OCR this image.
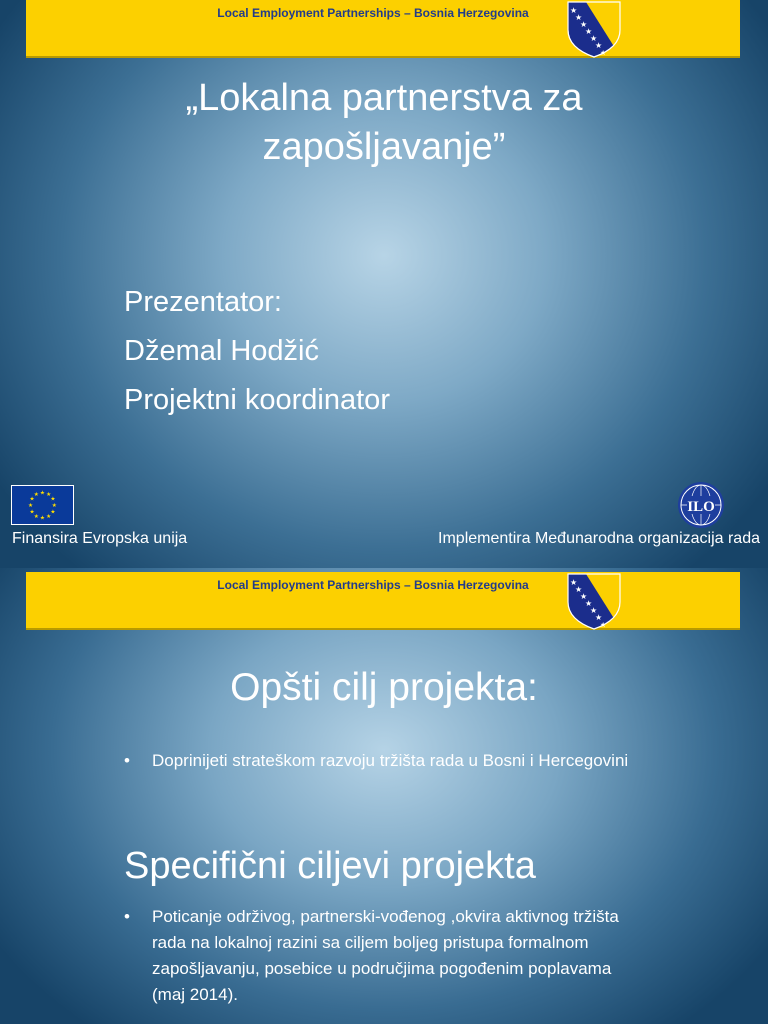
Local Employment Partnerships – Bosnia Herzegovina	★
★
★
★
★
★
★
„Lokalna partnerstva za
zapošljavanje”
Prezentator:
Džemal Hodžić
Projektni koordinator
★ ★
★
★
★
★
★
★
★
★
★
★
ILO
Finansira Evropska unija	Implementira Međunarodna organizacija rada
Local Employment Partnerships – Bosnia Herzegovina	★
★
★
★
★
★
★
Opšti cilj projekta:
• Doprinijeti strateškom razvoju tržišta rada u Bosni i Hercegovini
Specifični ciljevi projekta
• Poticanje održivog, partnerski-vođenog ,okvira aktivnog tržišta rada na lokalnoj razini sa ciljem boljeg pristupa formalnom zapošljavanju, posebice u područjima pogođenim poplavama (maj 2014).
